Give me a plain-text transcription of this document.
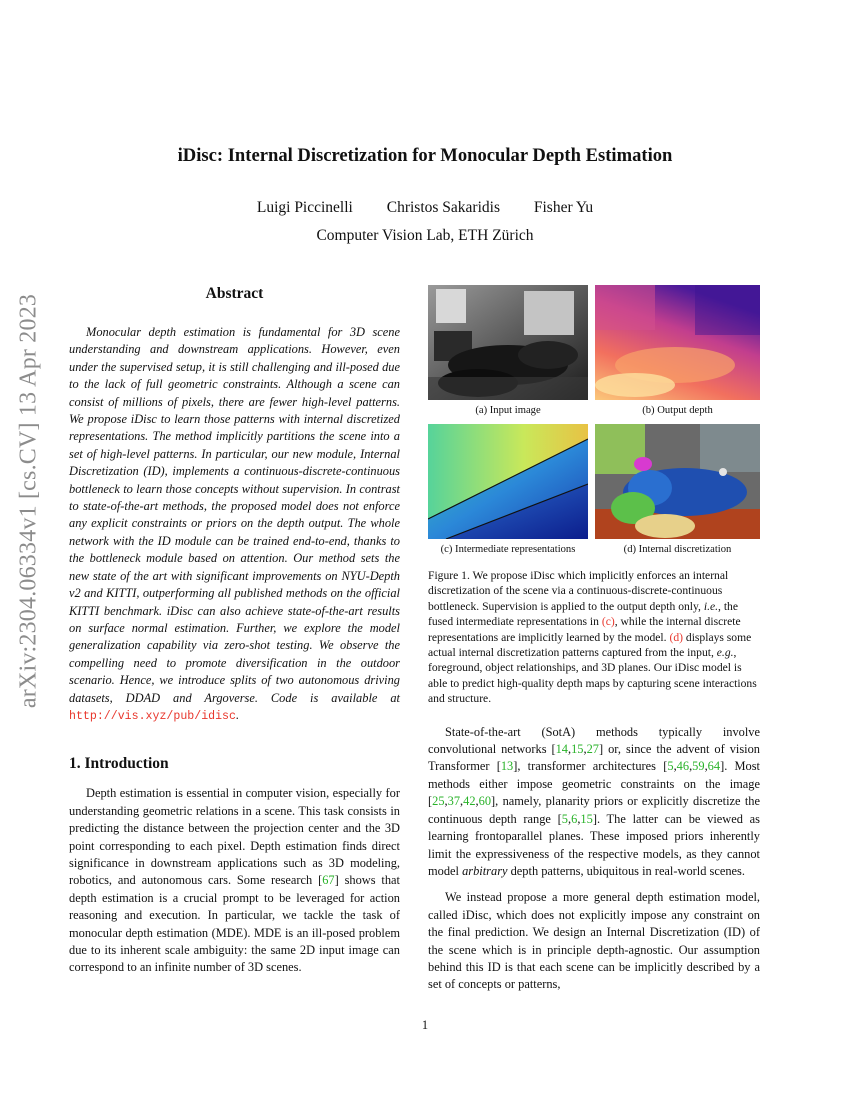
arXiv:2304.06334v1 [cs.CV] 13 Apr 2023
iDisc: Internal Discretization for Monocular Depth Estimation
Luigi Piccinelli Christos Sakaridis Fisher Yu
Computer Vision Lab, ETH Zürich
Abstract

Monocular depth estimation is fundamental for 3D scene understanding and downstream applications. However, even under the supervised setup, it is still challenging and ill-posed due to the lack of full geometric constraints. Although a scene can consist of millions of pixels, there are fewer high-level patterns. We propose iDisc to learn those patterns with internal discretized representations. The method implicitly partitions the scene into a set of high-level patterns. In particular, our new module, Internal Discretization (ID), implements a continuous-discrete-continuous bottleneck to learn those concepts without supervision. In contrast to state-of-the-art methods, the proposed model does not enforce any explicit constraints or priors on the depth output. The whole network with the ID module can be trained end-to-end, thanks to the bottleneck module based on attention. Our method sets the new state of the art with significant improvements on NYU-Depth v2 and KITTI, outperforming all published methods on the official KITTI benchmark. iDisc can also achieve state-of-the-art results on surface normal estimation. Further, we explore the model generalization capability via zero-shot testing. We observe the compelling need to promote diversification in the outdoor scenario. Hence, we introduce splits of two autonomous driving datasets, DDAD and Argoverse. Code is available at http://vis.xyz/pub/idisc.

1. Introduction

Depth estimation is essential in computer vision, especially for understanding geometric relations in a scene. This task consists in predicting the distance between the projection center and the 3D point corresponding to each pixel. Depth estimation finds direct significance in downstream applications such as 3D modeling, robotics, and autonomous cars. Some research [67] shows that depth estimation is a crucial prompt to be leveraged for action reasoning and execution. In particular, we tackle the task of monocular depth estimation (MDE). MDE is an ill-posed problem due to its inherent scale ambiguity: the same 2D input image can correspond to an infinite number of 3D scenes.

(a) Input image	(b) Output depth
(c) Intermediate representations	(d) Internal discretization

Figure 1. We propose iDisc which implicitly enforces an internal discretization of the scene via a continuous-discrete-continuous bottleneck. Supervision is applied to the output depth only, i.e., the fused intermediate representations in (c), while the internal discrete representations are implicitly learned by the model. (d) displays some actual internal discretization patterns captured from the input, e.g., foreground, object relationships, and 3D planes. Our iDisc model is able to predict high-quality depth maps by capturing scene interactions and structure.

State-of-the-art (SotA) methods typically involve convolutional networks [14,15,27] or, since the advent of vision Transformer [13], transformer architectures [5,46,59,64]. Most methods either impose geometric constraints on the image [25,37,42,60], namely, planarity priors or explicitly discretize the continuous depth range [5,6,15]. The latter can be viewed as learning frontoparallel planes. These imposed priors inherently limit the expressiveness of the respective models, as they cannot model arbitrary depth patterns, ubiquitous in real-world scenes.

We instead propose a more general depth estimation model, called iDisc, which does not explicitly impose any constraint on the final prediction. We design an Internal Discretization (ID) of the scene which is in principle depth-agnostic. Our assumption behind this ID is that each scene can be implicitly described by a set of concepts or patterns,

1
